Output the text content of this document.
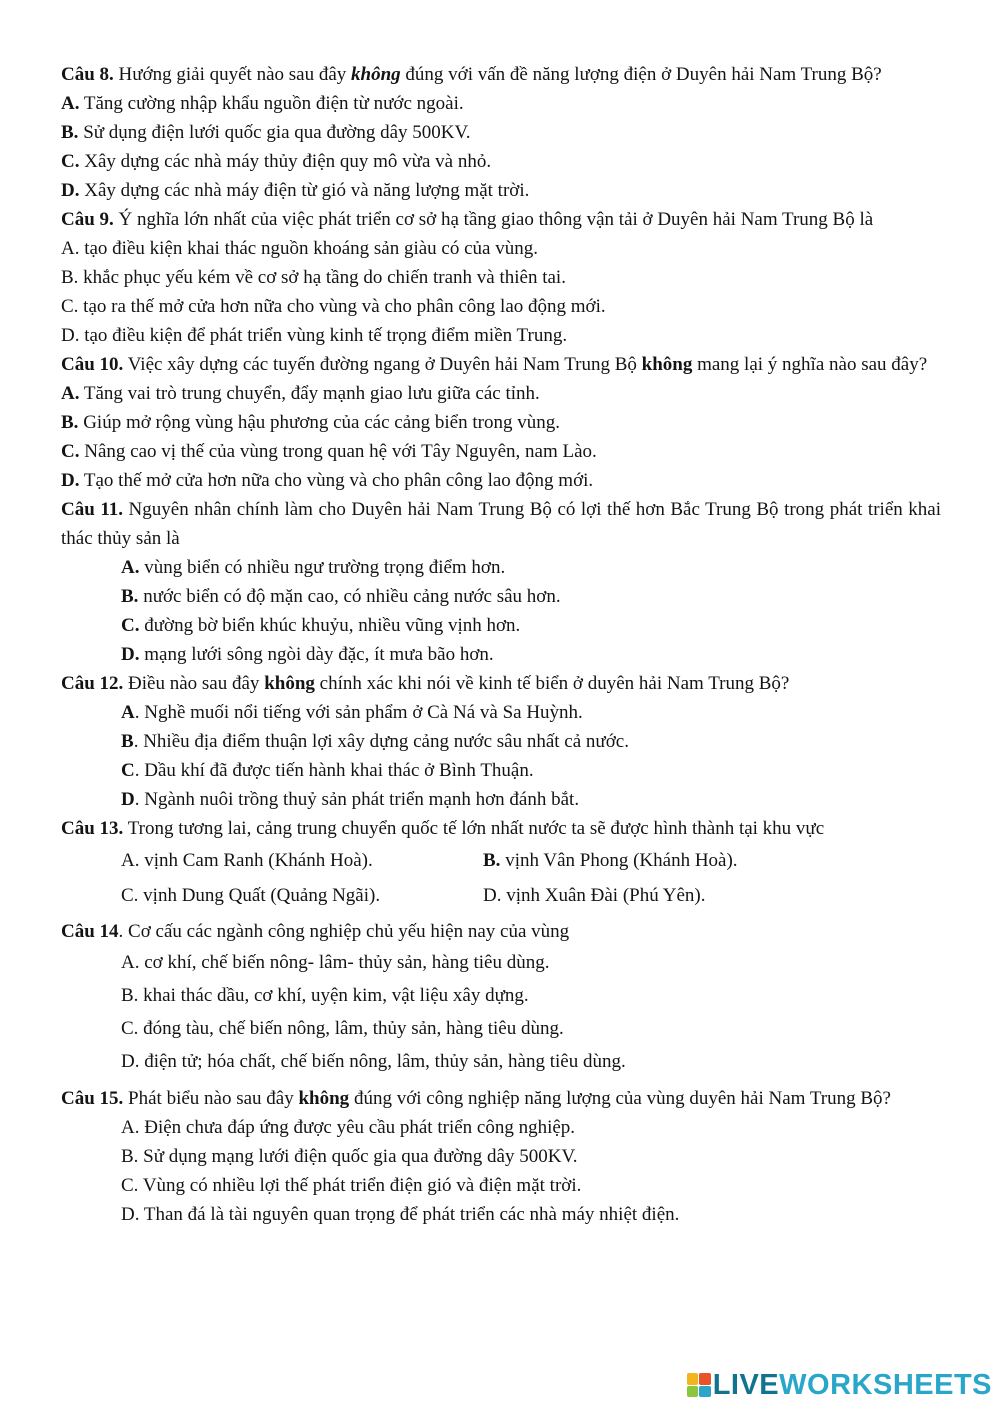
Câu 8. Hướng giải quyết nào sau đây không đúng với vấn đề năng lượng điện ở Duyên hải Nam Trung Bộ?
A. Tăng cường nhập khẩu nguồn điện từ nước ngoài.
B. Sử dụng điện lưới quốc gia qua đường dây 500KV.
C. Xây dựng các nhà máy thủy điện quy mô vừa và nhỏ.
D. Xây dựng các nhà máy điện từ gió và năng lượng mặt trời.
Câu 9. Ý nghĩa lớn nhất của việc phát triển cơ sở hạ tầng giao thông vận tải ở Duyên hải Nam Trung Bộ là
A. tạo điều kiện khai thác nguồn khoáng sản giàu có của vùng.
B. khắc phục yếu kém về cơ sở hạ tầng do chiến tranh và thiên tai.
C. tạo ra thế mở cửa hơn nữa cho vùng và cho phân công lao động mới.
D. tạo điều kiện để phát triển vùng kinh tế trọng điểm miền Trung.
Câu 10. Việc xây dựng các tuyến đường ngang ở Duyên hải Nam Trung Bộ không mang lại ý nghĩa nào sau đây?
A. Tăng vai trò trung chuyển, đẩy mạnh giao lưu giữa các tỉnh.
B. Giúp mở rộng vùng hậu phương của các cảng biển trong vùng.
C. Nâng cao vị thế của vùng trong quan hệ với Tây Nguyên, nam Lào.
D. Tạo thế mở cửa hơn nữa cho vùng và cho phân công lao động mới.
Câu 11. Nguyên nhân chính làm cho Duyên hải Nam Trung Bộ có lợi thế hơn Bắc Trung Bộ trong phát triển khai thác thủy sản là
A. vùng biển có nhiều ngư trường trọng điểm hơn.
B. nước biển có độ mặn cao, có nhiều cảng nước sâu hơn.
C. đường bờ biển khúc khuỷu, nhiều vũng vịnh hơn.
D. mạng lưới sông ngòi dày đặc, ít mưa bão hơn.
Câu 12. Điều nào sau đây không chính xác khi nói về kinh tế biển ở duyên hải Nam Trung Bộ?
A. Nghề muối nổi tiếng với sản phẩm ở Cà Ná và Sa Huỳnh.
B. Nhiều địa điểm thuận lợi xây dựng cảng nước sâu nhất cả nước.
C. Dầu khí đã được tiến hành khai thác ở Bình Thuận.
D. Ngành nuôi trồng thuỷ sản phát triển mạnh hơn đánh bắt.
Câu 13. Trong tương lai, cảng trung chuyển quốc tế lớn nhất nước ta sẽ được hình thành tại khu vực
A. vịnh Cam Ranh (Khánh Hoà).	B. vịnh Vân Phong (Khánh Hoà).
C. vịnh Dung Quất (Quảng Ngãi).	D. vịnh Xuân Đài (Phú Yên).
Câu 14. Cơ cấu các ngành công nghiệp chủ yếu hiện nay của vùng
A. cơ khí, chế biến nông- lâm- thủy sản, hàng tiêu dùng.
B. khai thác dầu, cơ khí, uyện kim, vật liệu xây dựng.
C. đóng tàu, chế biến nông, lâm, thủy sản, hàng tiêu dùng.
D. điện tử; hóa chất, chế biến nông, lâm, thủy sản, hàng tiêu dùng.
Câu 15. Phát biểu nào sau đây không đúng với công nghiệp năng lượng của vùng duyên hải Nam Trung Bộ?
A. Điện chưa đáp ứng được yêu cầu phát triển công nghiệp.
B. Sử dụng mạng lưới điện quốc gia qua đường dây 500KV.
C. Vùng có nhiều lợi thế phát triển điện gió và điện mặt trời.
D. Than đá là tài nguyên quan trọng để phát triển các nhà máy nhiệt điện.
LIVEWORKSHEETS
